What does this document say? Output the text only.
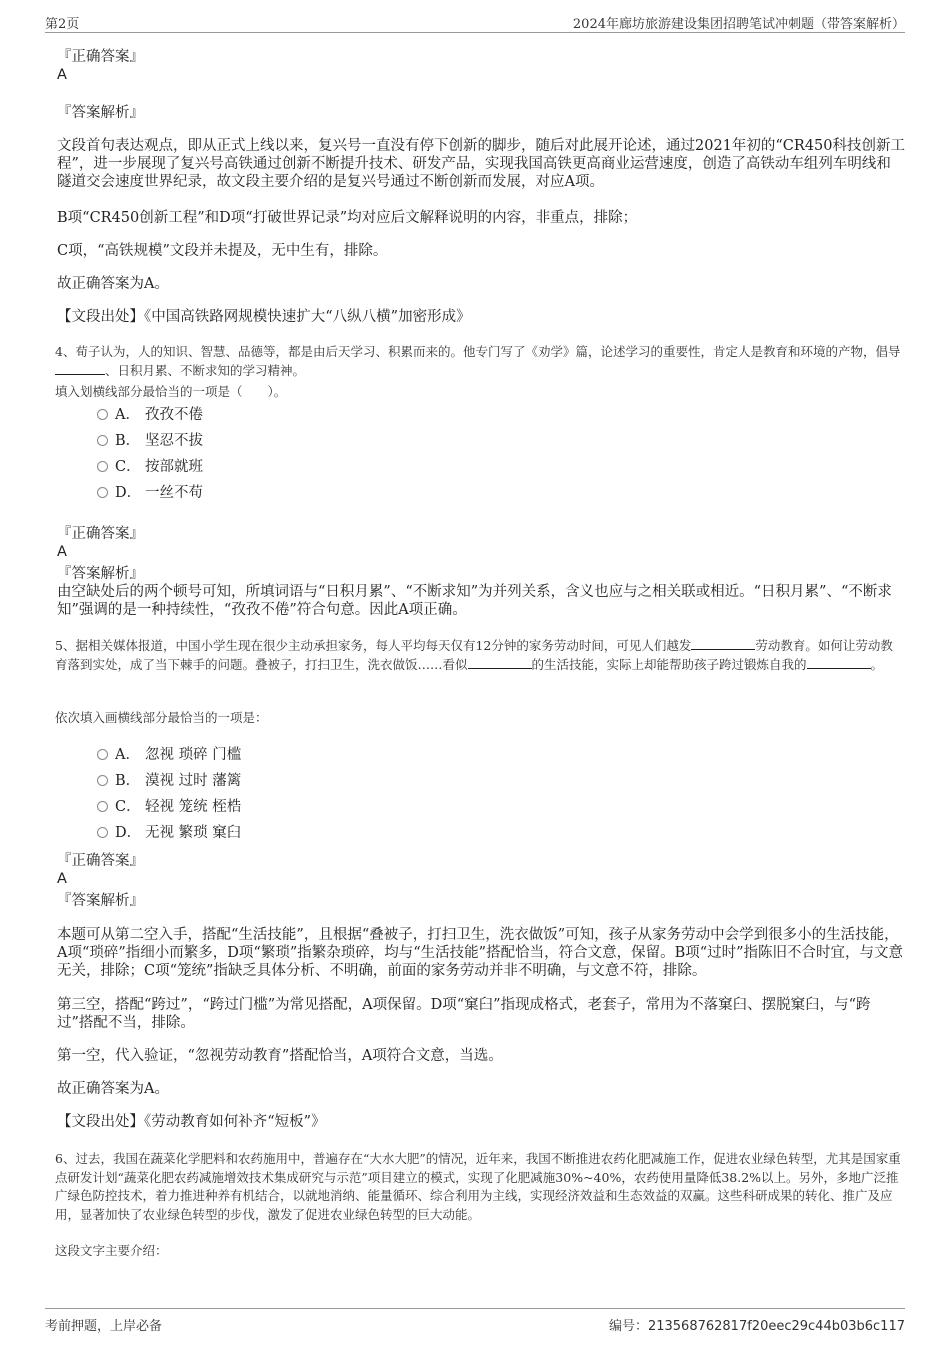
第2页	2024年廊坊旅游建设集团招聘笔试冲刺题（带答案解析）
『正确答案』
A
『答案解析』
文段首句表达观点，即从正式上线以来，复兴号一直没有停下创新的脚步，随后对此展开论述，通过2021年初的“CR450科技创新工程”，进一步展现了复兴号高铁通过创新不断提升技术、研发产品，实现我国高铁更高商业运营速度，创造了高铁动车组列车明线和隧道交会速度世界纪录，故文段主要介绍的是复兴号通过不断创新而发展，对应A项。
B项“CR450创新工程”和D项“打破世界记录”均对应后文解释说明的内容，非重点，排除；
C项，“高铁规模”文段并未提及，无中生有，排除。
故正确答案为A。
【文段出处】《中国高铁路网规模快速扩大“八纵八横”加密形成》
4、荀子认为，人的知识、智慧、品德等，都是由后天学习、积累而来的。他专门写了《劝学》篇，论述学习的重要性，肯定人是教育和环境的产物，倡导、日积月累、不断求知的学习精神。
填入划横线部分最恰当的一项是（　　）。
A． 孜孜不倦
B． 坚忍不拔
C． 按部就班
D． 一丝不苟
『正确答案』
A
『答案解析』
由空缺处后的两个顿号可知，所填词语与“日积月累”、“不断求知”为并列关系，含义也应与之相关联或相近。“日积月累”、“不断求知”强调的是一种持续性，“孜孜不倦”符合句意。因此A项正确。
5、据相关媒体报道，中国小学生现在很少主动承担家务，每人平均每天仅有12分钟的家务劳动时间，可见人们越发	劳动教育。如何让劳动教育落到实处，成了当下棘手的问题。叠被子，打扫卫生，洗衣做饭……看似	的生活技能，实际上却能帮助孩子跨过锻炼自我的	。
依次填入画横线部分最恰当的一项是：
A． 忽视 琐碎 门槛
B． 漠视 过时 藩篱
C． 轻视 笼统 桎梏
D． 无视 繁琐 窠臼
『正确答案』
A
『答案解析』
本题可从第二空入手，搭配“生活技能”，且根据“叠被子，打扫卫生，洗衣做饭”可知，孩子从家务劳动中会学到很多小的生活技能，A项“琐碎”指细小而繁多，D项“繁琐”指繁杂琐碎，均与“生活技能”搭配恰当，符合文意，保留。B项“过时”指陈旧不合时宜，与文意无关，排除；C项“笼统”指缺乏具体分析、不明确，前面的家务劳动并非不明确，与文意不符，排除。
第三空，搭配“跨过”，“跨过门槛”为常见搭配，A项保留。D项“窠臼”指现成格式，老套子，常用为不落窠臼、摆脱窠臼，与“跨过”搭配不当，排除。
第一空，代入验证，“忽视劳动教育”搭配恰当，A项符合文意，当选。
故正确答案为A。
【文段出处】《劳动教育如何补齐“短板”》
6、过去，我国在蔬菜化学肥料和农药施用中，普遍存在“大水大肥”的情况，近年来，我国不断推进农药化肥减施工作，促进农业绿色转型，尤其是国家重点研发计划“蔬菜化肥农药减施增效技术集成研究与示范”项目建立的模式，实现了化肥减施30%~40%，农药使用量降低38.2%以上。另外，多地广泛推广绿色防控技术，着力推进种养有机结合，以就地消纳、能量循环、综合利用为主线，实现经济效益和生态效益的双赢。这些科研成果的转化、推广及应用，显著加快了农业绿色转型的步伐，激发了促进农业绿色转型的巨大动能。
这段文字主要介绍：
考前押题，上岸必备	编号：213568762817f20eec29c44b03b6c117
